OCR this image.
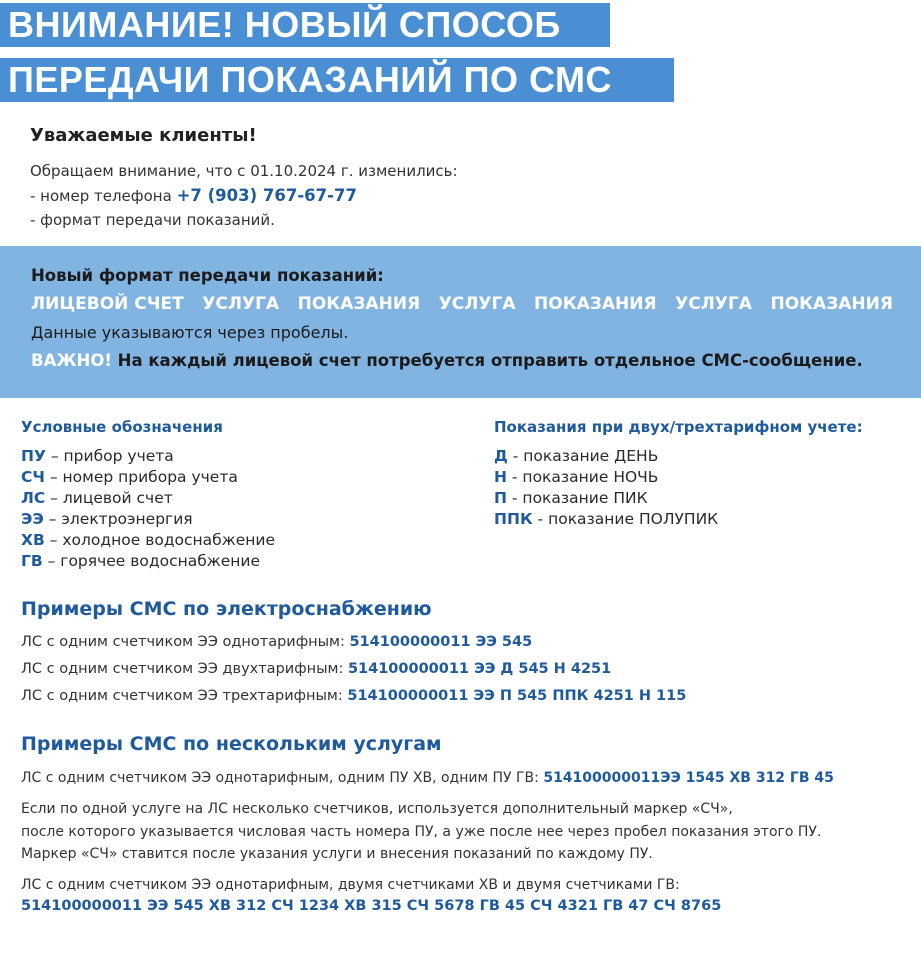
ВНИМАНИЕ! НОВЫЙ СПОСОБ
ПЕРЕДАЧИ ПОКАЗАНИЙ ПО СМС
Уважаемые клиенты!
Обращаем внимание, что с 01.10.2024 г. изменились:
- номер телефона +7 (903) 767-67-77
- формат передачи показаний.
Новый формат передачи показаний:
ЛИЦЕВОЙ СЧЕТ УСЛУГА ПОКАЗАНИЯ УСЛУГА ПОКАЗАНИЯ УСЛУГА ПОКАЗАНИЯ
Данные указываются через пробелы.
ВАЖНО! На каждый лицевой счет потребуется отправить отдельное СМС-сообщение.
Условные обозначения
ПУ – прибор учета
СЧ – номер прибора учета
ЛС – лицевой счет
ЭЭ – электроэнергия
ХВ – холодное водоснабжение
ГВ – горячее водоснабжение
Показания при двух/трехтарифном учете:
Д - показание ДЕНЬ
Н - показание НОЧЬ
П - показание ПИК
ППК - показание ПОЛУПИК
Примеры СМС по электроснабжению
ЛС с одним счетчиком ЭЭ однотарифным: 514100000011 ЭЭ 545
ЛС с одним счетчиком ЭЭ двухтарифным: 514100000011 ЭЭ Д 545 Н 4251
ЛС с одним счетчиком ЭЭ трехтарифным: 514100000011 ЭЭ П 545 ППК 4251 Н 115
Примеры СМС по нескольким услугам
ЛС с одним счетчиком ЭЭ однотарифным, одним ПУ ХВ, одним ПУ ГВ: 514100000011ЭЭ 1545 ХВ 312 ГВ 45
Если по одной услуге на ЛС несколько счетчиков, используется дополнительный маркер «СЧ»,
после которого указывается числовая часть номера ПУ, а уже после нее через пробел показания этого ПУ.
Маркер «СЧ» ставится после указания услуги и внесения показаний по каждому ПУ.
ЛС с одним счетчиком ЭЭ однотарифным, двумя счетчиками ХВ и двумя счетчиками ГВ:
514100000011 ЭЭ 545 ХВ 312 СЧ 1234 ХВ 315 СЧ 5678 ГВ 45 СЧ 4321 ГВ 47 СЧ 8765
